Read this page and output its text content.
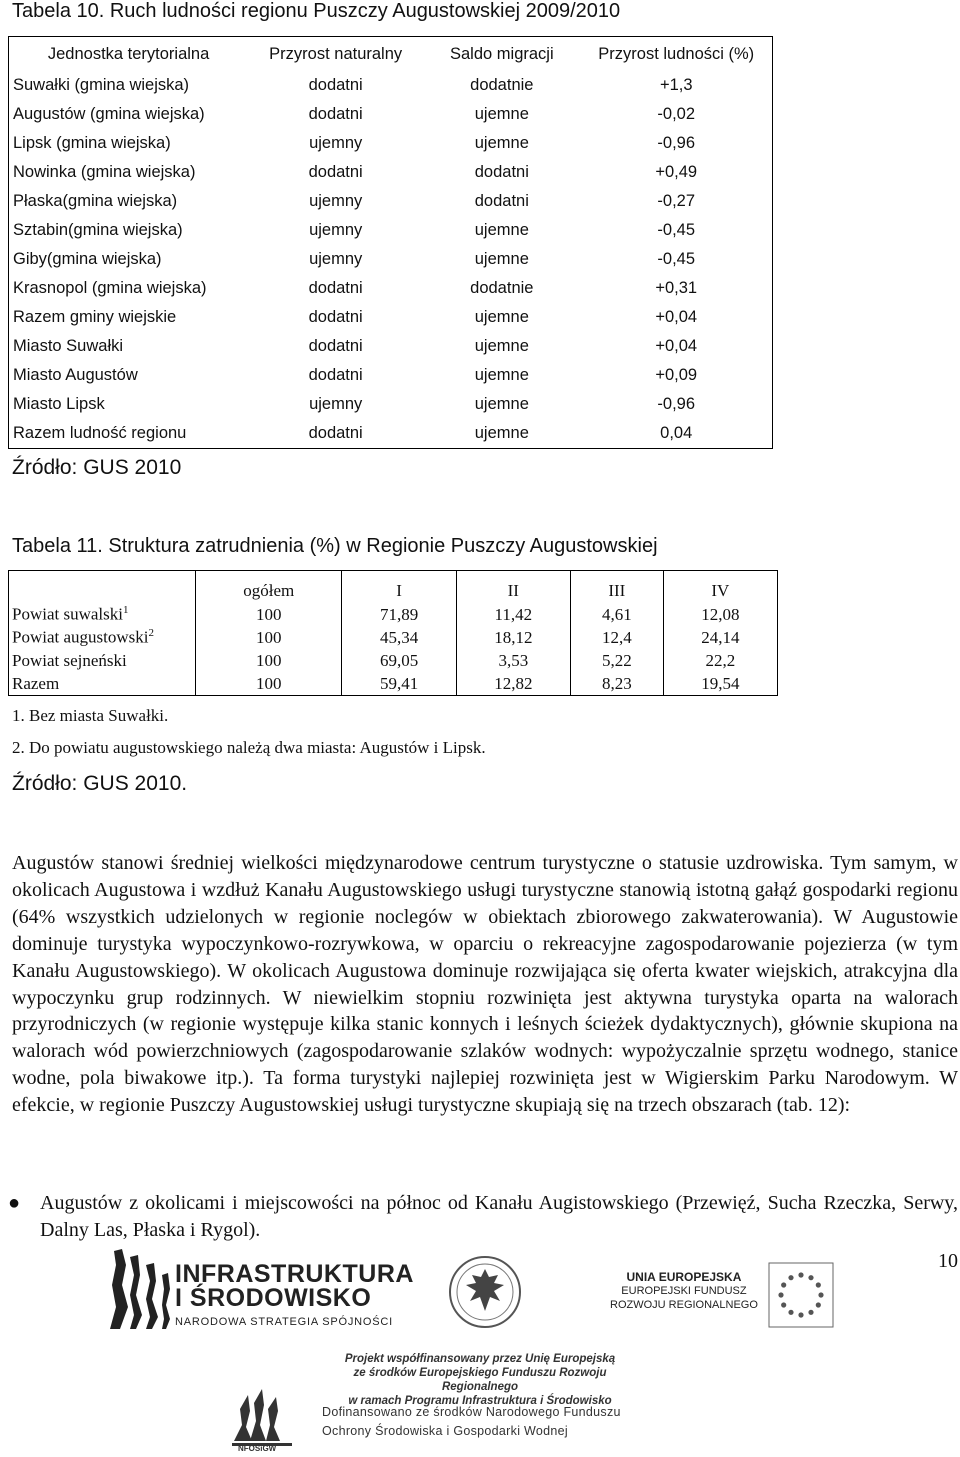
Tabela 10. Ruch ludności regionu Puszczy Augustowskiej 2009/2010
Jednostka terytorialna	Przyrost naturalny	Saldo migracji	Przyrost ludności (%)
Suwałki (gmina wiejska)	dodatni	dodatnie	+1,3
Augustów (gmina wiejska)	dodatni	ujemne	-0,02
Lipsk (gmina wiejska)	ujemny	ujemne	-0,96
Nowinka (gmina wiejska)	dodatni	dodatni	+0,49
Płaska(gmina wiejska)	ujemny	dodatni	-0,27
Sztabin(gmina wiejska)	ujemny	ujemne	-0,45
Giby(gmina wiejska)	ujemny	ujemne	-0,45
Krasnopol (gmina wiejska)	dodatni	dodatnie	+0,31
Razem gminy wiejskie	dodatni	ujemne	+0,04
Miasto Suwałki	dodatni	ujemne	+0,04
Miasto Augustów	dodatni	ujemne	+0,09
Miasto Lipsk	ujemny	ujemne	-0,96
Razem ludność regionu	dodatni	ujemne	0,04
Źródło: GUS 2010
Tabela 11. Struktura zatrudnienia (%) w Regionie Puszczy Augustowskiej
	ogółem	I	II	III	IV
Powiat suwalski$^1$	100	71,89	11,42	4,61	12,08
Powiat augustowski$^2$	100	45,34	18,12	12,4	24,14
Powiat sejneński	100	69,05	3,53	5,22	22,2
Razem	100	59,41	12,82	8,23	19,54
1. Bez miasta Suwałki.
2. Do powiatu augustowskiego należą dwa miasta: Augustów i Lipsk.
Źródło: GUS 2010.

Augustów stanowi średniej wielkości międzynarodowe centrum turystyczne o statusie uzdrowiska. Tym samym, w okolicach Augustowa i wzdłuż Kanału Augustowskiego usługi turystyczne stanowią istotną gałąź gospodarki regionu (64% wszystkich udzielonych w regionie noclegów w obiektach zbiorowego zakwaterowania). W Augustowie dominuje turystyka wypoczynkowo-rozrywkowa, w oparciu o rekreacyjne zagospodarowanie pojezierza (w tym Kanału Augustowskiego). W okolicach Augustowa dominuje rozwijająca się oferta kwater wiejskich, atrakcyjna dla wypoczynku grup rodzinnych. W niewielkim stopniu rozwinięta jest aktywna turystyka oparta na walorach przyrodniczych (w regionie występuje kilka stanic konnych i leśnych ścieżek dydaktycznych), głównie skupiona na walorach wód powierzchniowych (zagospodarowanie szlaków wodnych: wypożyczalnie sprzętu wodnego, stanice wodne, pola biwakowe itp.). Ta forma turystyki najlepiej rozwinięta jest w Wigierskim Parku Narodowym. W efekcie, w regionie Puszczy Augustowskiej usługi turystyczne skupiają się na trzech obszarach (tab. 12):

● Augustów z okolicami i miejscowości na północ od Kanału Augistowskiego (Przewięź, Sucha Rzeczka, Serwy, Dalny Las, Płaska i Rygol).
10
INFRASTRUKTURA
I ŚRODOWISKO
NARODOWA STRATEGIA SPÓJNOŚCI
UNIA EUROPEJSKA
EUROPEJSKI FUNDUSZ
ROZWOJU REGIONALNEGO
Projekt współfinansowany przez Unię Europejską
ze środków Europejskiego Funduszu Rozwoju Regionalnego
w ramach Programu Infrastruktura i Środowisko
NFOŚiGW
Dofinansowano ze środków Narodowego Funduszu
Ochrony Środowiska i Gospodarki Wodnej
